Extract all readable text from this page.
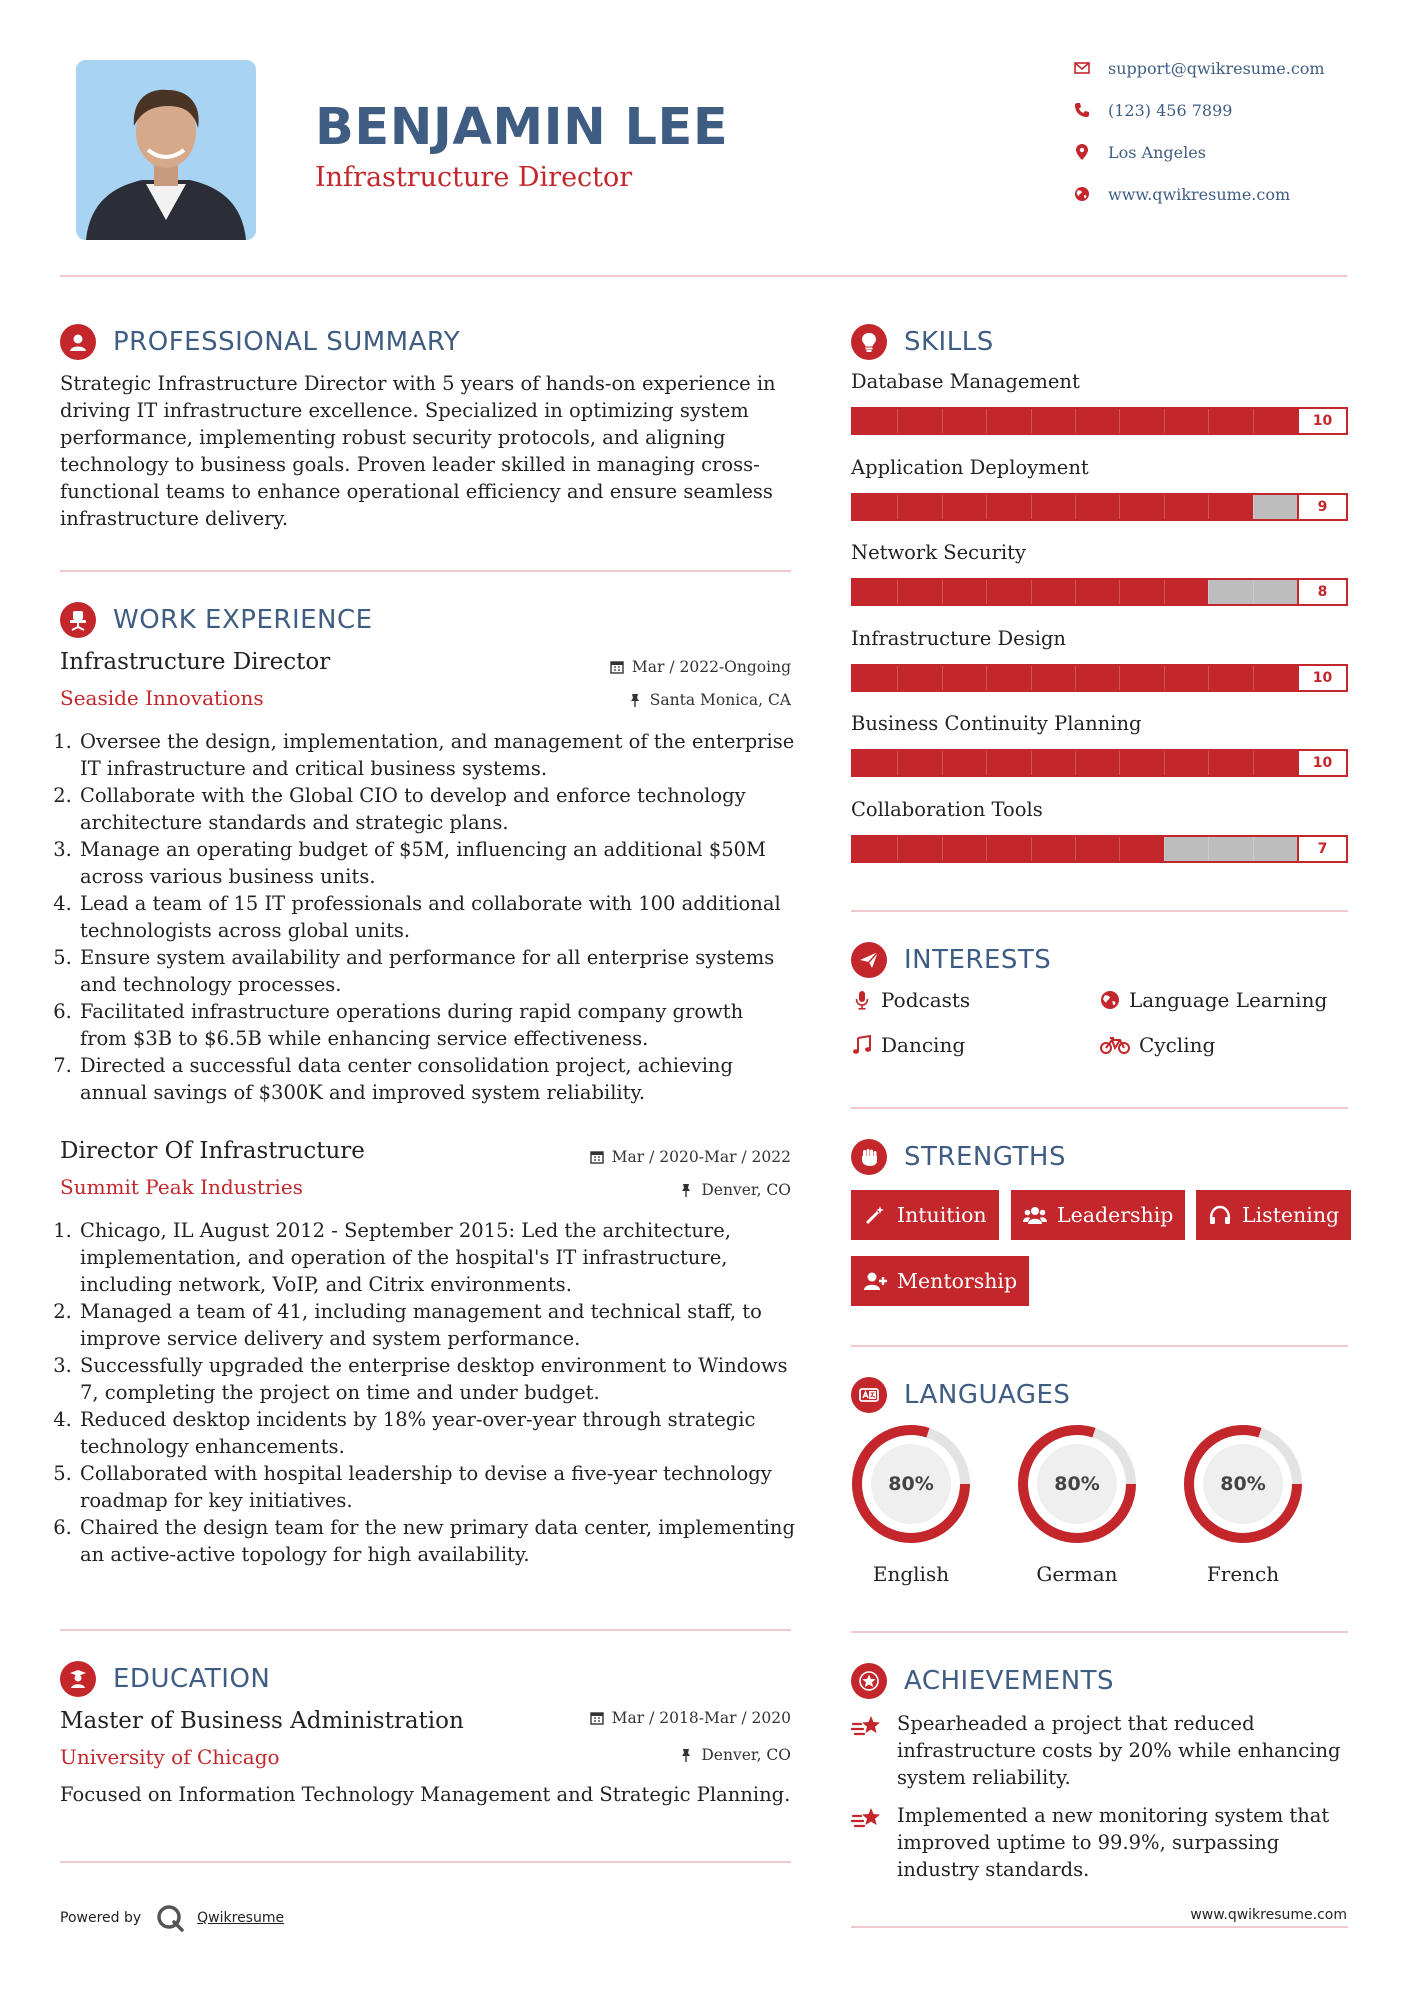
BENJAMIN LEE
Infrastructure Director
support@qwikresume.com
(123) 456 7899
Los Angeles
www.qwikresume.com
PROFESSIONAL SUMMARY
Strategic Infrastructure Director with 5 years of hands-on experience in driving IT infrastructure excellence. Specialized in optimizing system performance, implementing robust security protocols, and aligning technology to business goals. Proven leader skilled in managing cross-functional teams to enhance operational efficiency and ensure seamless infrastructure delivery.
WORK EXPERIENCE
Infrastructure Director
Seaside Innovations
Mar / 2022-Ongoing
Santa Monica, CA
1. Oversee the design, implementation, and management of the enterprise IT infrastructure and critical business systems.
2. Collaborate with the Global CIO to develop and enforce technology architecture standards and strategic plans.
3. Manage an operating budget of $5M, influencing an additional $50M across various business units.
4. Lead a team of 15 IT professionals and collaborate with 100 additional technologists across global units.
5. Ensure system availability and performance for all enterprise systems and technology processes.
6. Facilitated infrastructure operations during rapid company growth from $3B to $6.5B while enhancing service effectiveness.
7. Directed a successful data center consolidation project, achieving annual savings of $300K and improved system reliability.
Director Of Infrastructure
Summit Peak Industries
Mar / 2020-Mar / 2022
Denver, CO
1. Chicago, IL August 2012 - September 2015: Led the architecture, implementation, and operation of the hospital's IT infrastructure, including network, VoIP, and Citrix environments.
2. Managed a team of 41, including management and technical staff, to improve service delivery and system performance.
3. Successfully upgraded the enterprise desktop environment to Windows 7, completing the project on time and under budget.
4. Reduced desktop incidents by 18% year-over-year through strategic technology enhancements.
5. Collaborated with hospital leadership to devise a five-year technology roadmap for key initiatives.
6. Chaired the design team for the new primary data center, implementing an active-active topology for high availability.
EDUCATION
Master of Business Administration
University of Chicago
Mar / 2018-Mar / 2020
Denver, CO
Focused on Information Technology Management and Strategic Planning.
SKILLS
Database Management
10
Application Deployment
9
Network Security
8
Infrastructure Design
10
Business Continuity Planning
10
Collaboration Tools
7
INTERESTS
Podcasts	Language Learning
Dancing	Cycling
STRENGTHS
Intuition	Leadership	Listening
Mentorship
LANGUAGES
80%
English
80%
German
80%
French
ACHIEVEMENTS
Spearheaded a project that reduced infrastructure costs by 20% while enhancing system reliability.
Implemented a new monitoring system that improved uptime to 99.9%, surpassing industry standards.
Powered by	Qwikresume	www.qwikresume.com
